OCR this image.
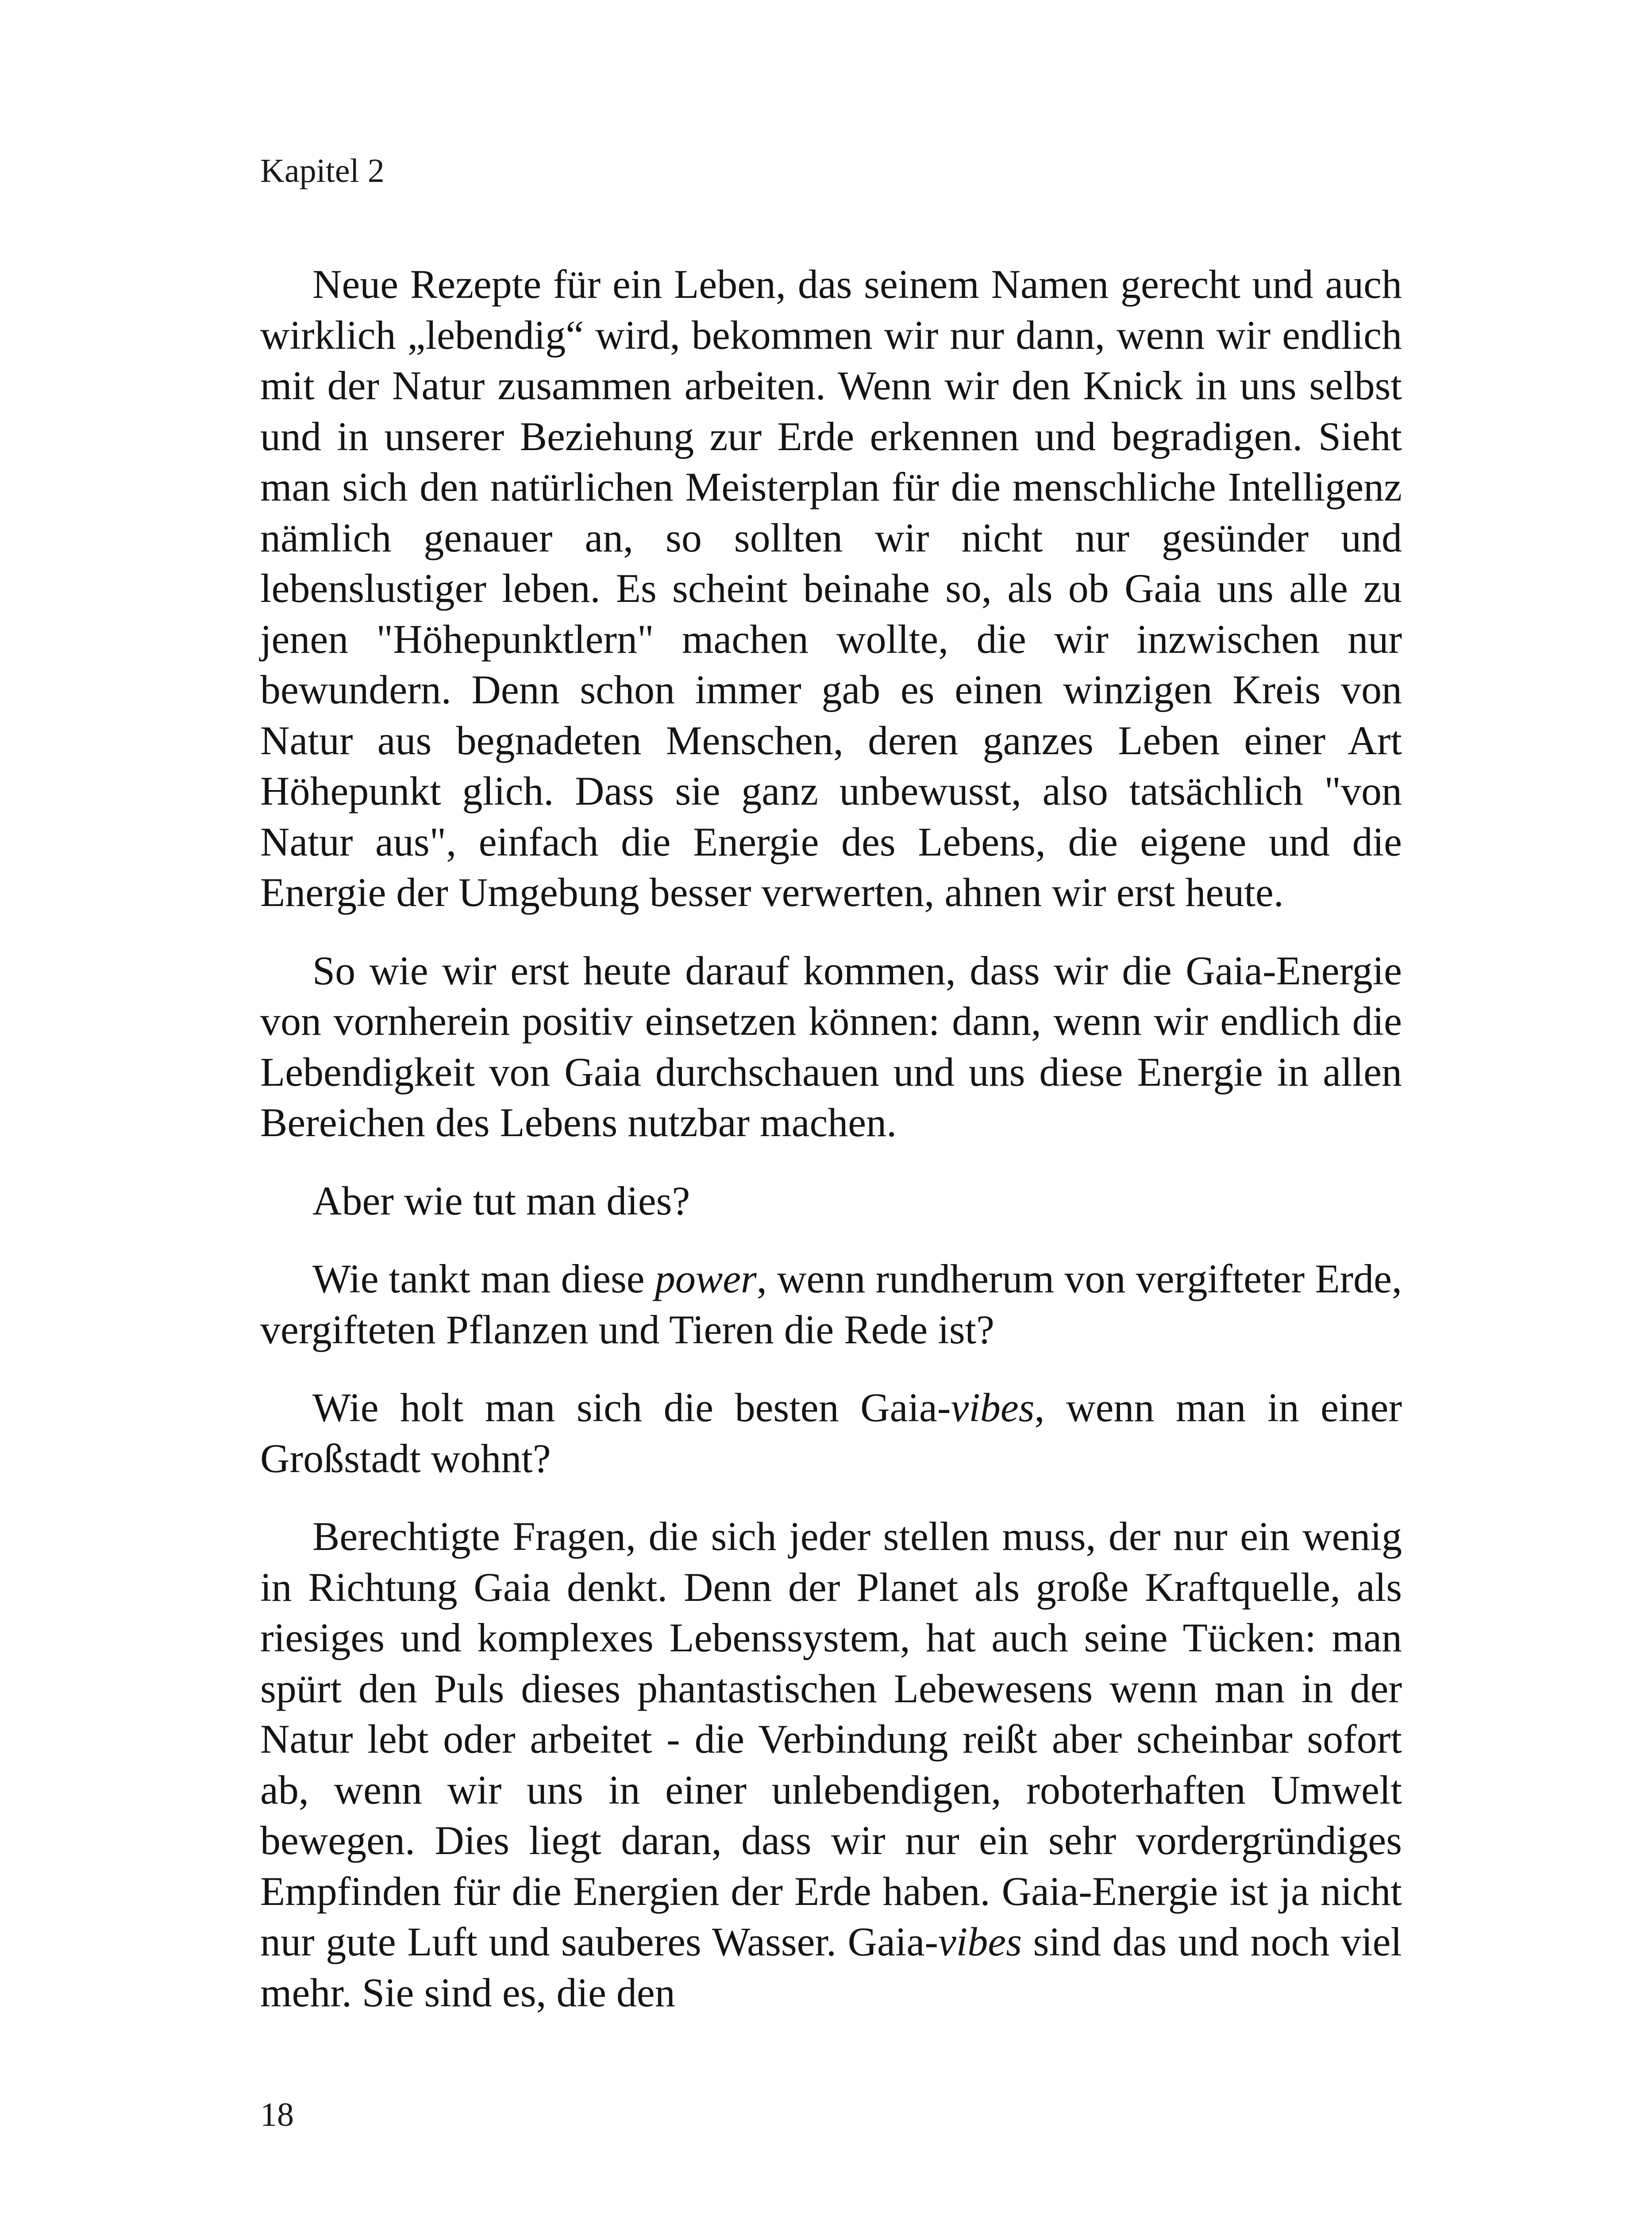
Kapitel 2

Neue Rezepte für ein Leben, das seinem Namen gerecht und auch wirklich „lebendig“ wird, bekommen wir nur dann, wenn wir endlich mit der Natur zusammen arbeiten. Wenn wir den Knick in uns selbst und in unserer Beziehung zur Erde erkennen und begradigen. Sieht man sich den natürlichen Meisterplan für die menschliche Intelligenz nämlich genauer an, so sollten wir nicht nur gesünder und lebenslustiger leben. Es scheint beinahe so, als ob Gaia uns alle zu jenen "Höhepunktlern" machen wollte, die wir inzwischen nur bewundern. Denn schon immer gab es einen winzigen Kreis von Natur aus begnadeten Menschen, deren ganzes Leben einer Art Höhepunkt glich. Dass sie ganz unbewusst, also tatsächlich "von Natur aus", einfach die Energie des Lebens, die eigene und die Energie der Umgebung besser verwerten, ahnen wir erst heute.

So wie wir erst heute darauf kommen, dass wir die Gaia-Energie von vornherein positiv einsetzen können: dann, wenn wir endlich die Lebendigkeit von Gaia durchschauen und uns diese Energie in allen Bereichen des Lebens nutzbar machen.

Aber wie tut man dies?

Wie tankt man diese power, wenn rundherum von vergifteter Erde, vergifteten Pflanzen und Tieren die Rede ist?

Wie holt man sich die besten Gaia-vibes, wenn man in einer Großstadt wohnt?

Berechtigte Fragen, die sich jeder stellen muss, der nur ein wenig in Richtung Gaia denkt. Denn der Planet als große Kraftquelle, als riesiges und komplexes Lebenssystem, hat auch seine Tücken: man spürt den Puls dieses phantastischen Lebewesens wenn man in der Natur lebt oder arbeitet - die Verbindung reißt aber scheinbar sofort ab, wenn wir uns in einer unlebendigen, roboterhaften Umwelt bewegen. Dies liegt daran, dass wir nur ein sehr vordergründiges Empfinden für die Energien der Erde haben. Gaia-Energie ist ja nicht nur gute Luft und sauberes Wasser. Gaia-vibes sind das und noch viel mehr. Sie sind es, die den

18
